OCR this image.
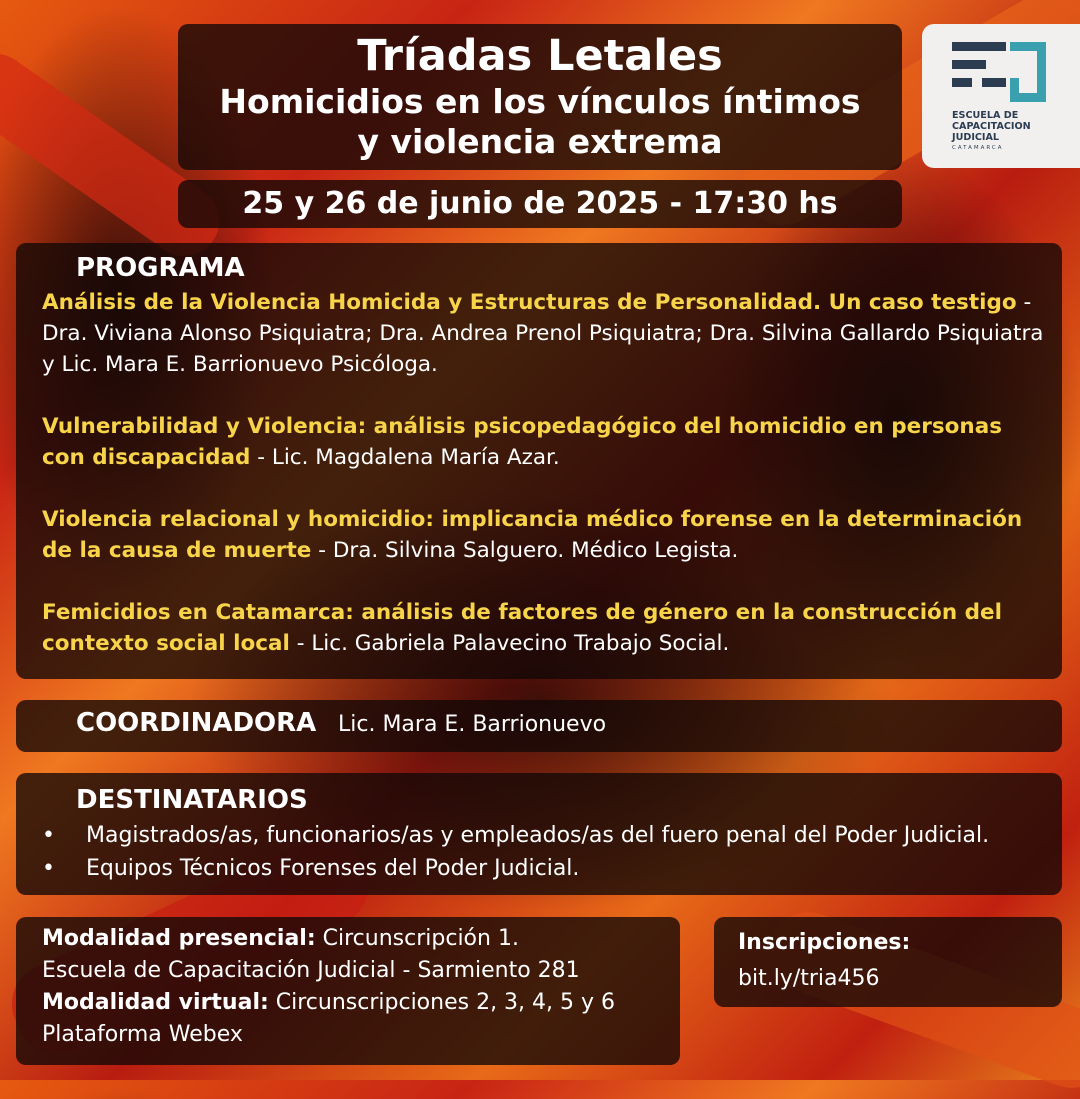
Tríadas Letales
Homicidios en los vínculos íntimos
y violencia extrema
25 y 26 de junio de 2025 - 17:30 hs
ESCUELA DE
CAPACITACION
JUDICIAL
CATAMARCA
PROGRAMA
Análisis de la Violencia Homicida y Estructuras de Personalidad. Un caso testigo - Dra. Viviana Alonso Psiquiatra; Dra. Andrea Prenol Psiquiatra; Dra. Silvina Gallardo Psiquiatra y Lic. Mara E. Barrionuevo Psicóloga.
Vulnerabilidad y Violencia: análisis psicopedagógico del homicidio en personas con discapacidad - Lic. Magdalena María Azar.
Violencia relacional y homicidio: implicancia médico forense en la determinación de la causa de muerte - Dra. Silvina Salguero. Médico Legista.
Femicidios en Catamarca: análisis de factores de género en la construcción del contexto social local - Lic. Gabriela Palavecino Trabajo Social.
COORDINADORA Lic. Mara E. Barrionuevo
DESTINATARIOS
• Magistrados/as, funcionarios/as y empleados/as del fuero penal del Poder Judicial.
• Equipos Técnicos Forenses del Poder Judicial.
Modalidad presencial: Circunscripción 1.
Escuela de Capacitación Judicial - Sarmiento 281
Modalidad virtual: Circunscripciones 2, 3, 4, 5 y 6
Plataforma Webex
Inscripciones:
bit.ly/tria456
